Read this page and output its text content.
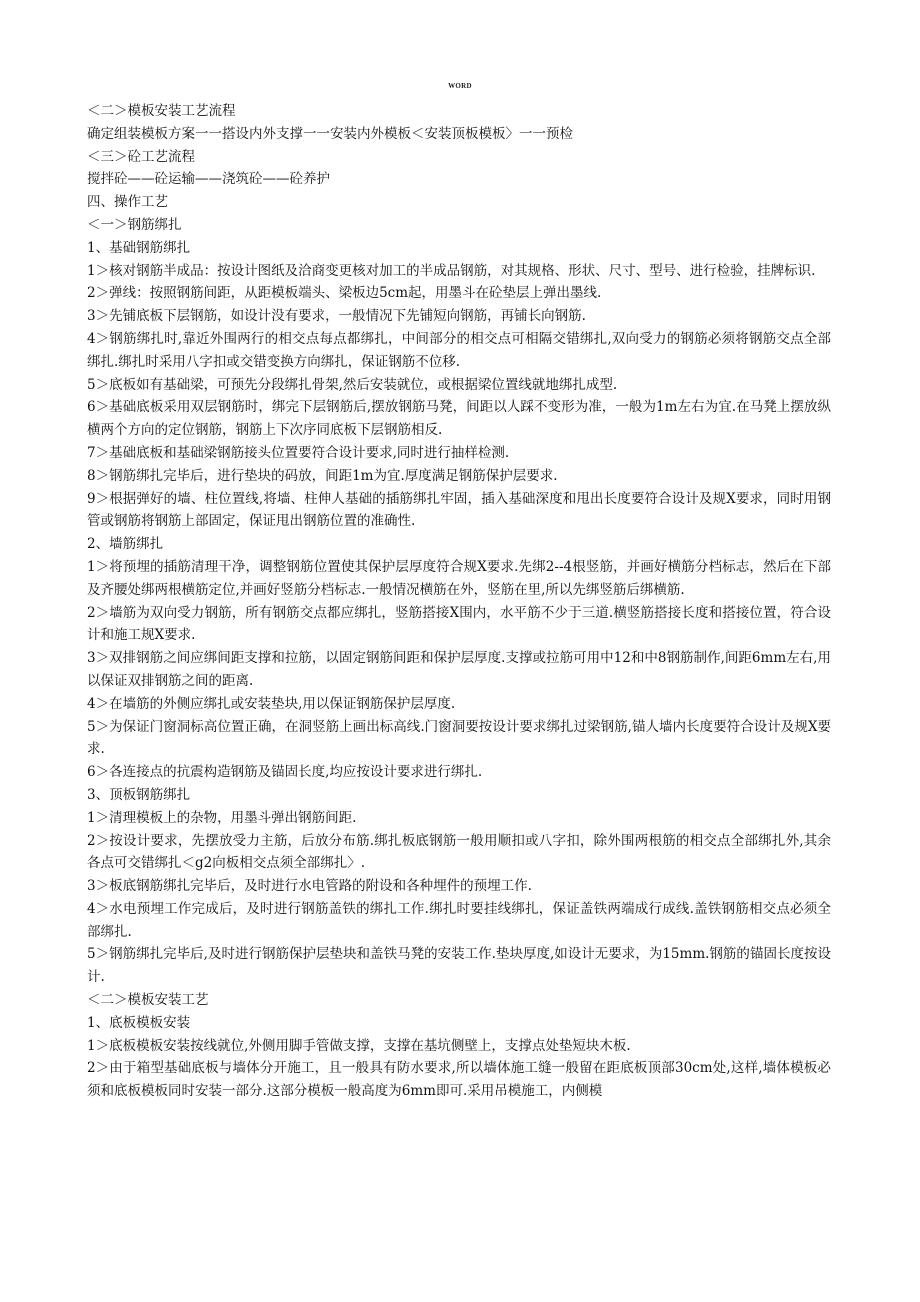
WORD

＜二＞模板安装工艺流程

确定组装模板方案一一搭设内外支撑一一安装内外模板＜安装顶板模板〉一一预检

＜三＞砼工艺流程

搅拌砼——砼运输——浇筑砼——砼养护

四、操作工艺

＜一＞钢筋绑扎

1、基础钢筋绑扎

1＞核对钢筋半成品：按设计图纸及洽商变更核对加工的半成品钢筋，对其规格、形状、尺寸、型号、进行检验，挂牌标识.

2＞弹线：按照钢筋间距，从距模板端头、梁板边5cm起，用墨斗在砼垫层上弹出墨线.

3＞先铺底板下层钢筋，如设计没有要求，一般情况下先铺短向钢筋，再铺长向钢筋.

4＞钢筋绑扎时,靠近外围两行的相交点每点都绑扎，中间部分的相交点可相隔交错绑扎,双向受力的钢筋必须将钢筋交点全部绑扎.绑扎时采用八字扣或交错变换方向绑扎，保证钢筋不位移.

5＞底板如有基础梁，可预先分段绑扎骨架,然后安装就位，或根据梁位置线就地绑扎成型.

6＞基础底板采用双层钢筋时，绑完下层钢筋后,摆放钢筋马凳，间距以人踩不变形为准，一般为1m左右为宜.在马凳上摆放纵横两个方向的定位钢筋，钢筋上下次序同底板下层钢筋相反.

7＞基础底板和基础梁钢筋接头位置要符合设计要求,同时进行抽样检测.

8＞钢筋绑扎完毕后，进行垫块的码放，间距1m为宜.厚度满足钢筋保护层要求.

9＞根据弹好的墙、柱位置线,将墙、柱伸人基础的插筋绑扎牢固，插入基础深度和甩出长度要符合设计及规X要求，同时用钢管或钢筋将钢筋上部固定，保证甩出钢筋位置的准确性.

2、墙筋绑扎

1＞将预埋的插筋清理干净，调整钢筋位置使其保护层厚度符合规X要求.先绑2--4根竖筋，并画好横筋分档标志，然后在下部及齐腰处绑两根横筋定位,并画好竖筋分档标志.一般情况横筋在外，竖筋在里,所以先绑竖筋后绑横筋.

2＞墙筋为双向受力钢筋，所有钢筋交点都应绑扎，竖筋搭接X围内，水平筋不少于三道.横竖筋搭接长度和搭接位置，符合设计和施工规X要求.

3＞双排钢筋之间应绑间距支撑和拉筋，以固定钢筋间距和保护层厚度.支撑或拉筋可用中12和中8钢筋制作,间距6mm左右,用以保证双排钢筋之间的距离.

4＞在墙筋的外侧应绑扎或安装垫块,用以保证钢筋保护层厚度.

5＞为保证门窗洞标高位置正确，在洞竖筋上画出标高线.门窗洞要按设计要求绑扎过梁钢筋,锚人墙内长度要符合设计及规X要求.

6＞各连接点的抗震构造钢筋及锚固长度,均应按设计要求进行绑扎.

3、顶板钢筋绑扎

1＞清理模板上的杂物，用墨斗弹出钢筋间距.

2＞按设计要求，先摆放受力主筋，后放分布筋.绑扎板底钢筋一般用顺扣或八字扣，除外围两根筋的相交点全部绑扎外,其余各点可交错绑扎＜g2向板相交点须全部绑扎〉.

3＞板底钢筋绑扎完毕后，及时进行水电管路的附设和各种埋件的预埋工作.

4＞水电预埋工作完成后，及时进行钢筋盖铁的绑扎工作.绑扎时要挂线绑扎，保证盖铁两端成行成线.盖铁钢筋相交点必须全部绑扎.

5＞钢筋绑扎完毕后,及时进行钢筋保护层垫块和盖铁马凳的安装工作.垫块厚度,如设计无要求，为15mm.钢筋的锚固长度按设计.

＜二＞模板安装工艺

1、底板模板安装

1＞底板模板安装按线就位,外侧用脚手管做支撑，支撑在基坑侧壁上，支撑点处垫短块木板.

2＞由于箱型基础底板与墙体分开施工，且一般具有防水要求,所以墙体施工缝一般留在距底板顶部30cm处,这样,墙体模板必须和底板模板同时安装一部分.这部分模板一般高度为6mm即可.采用吊模施工，内侧模
